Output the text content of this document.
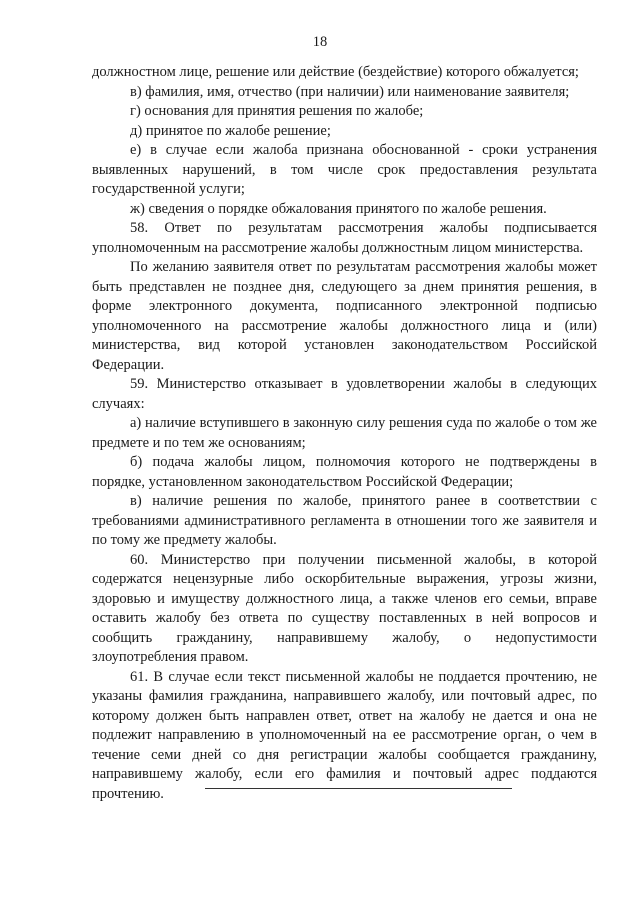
18

должностном лице, решение или действие (бездействие) которого обжалуется;

в) фамилия, имя, отчество (при наличии) или наименование заявителя;

г) основания для принятия решения по жалобе;

д) принятое по жалобе решение;

е) в случае если жалоба признана обоснованной - сроки устранения выявленных нарушений, в том числе срок предоставления результата государственной услуги;

ж) сведения о порядке обжалования принятого по жалобе решения.

58. Ответ по результатам рассмотрения жалобы подписывается уполномоченным на рассмотрение жалобы должностным лицом министерства.

По желанию заявителя ответ по результатам рассмотрения жалобы может быть представлен не позднее дня, следующего за днем принятия решения, в форме электронного документа, подписанного электронной подписью уполномоченного на рассмотрение жалобы должностного лица и (или) министерства, вид которой установлен законодательством Российской Федерации.

59. Министерство отказывает в удовлетворении жалобы в следующих случаях:

а) наличие вступившего в законную силу решения суда по жалобе о том же предмете и по тем же основаниям;

б) подача жалобы лицом, полномочия которого не подтверждены в порядке, установленном законодательством Российской Федерации;

в) наличие решения по жалобе, принятого ранее в соответствии с требованиями административного регламента в отношении того же заявителя и по тому же предмету жалобы.

60. Министерство при получении письменной жалобы, в которой содержатся нецензурные либо оскорбительные выражения, угрозы жизни, здоровью и имуществу должностного лица, а также членов его семьи, вправе оставить жалобу без ответа по существу поставленных в ней вопросов и сообщить гражданину, направившему жалобу, о недопустимости злоупотребления правом.

61. В случае если текст письменной жалобы не поддается прочтению, не указаны фамилия гражданина, направившего жалобу, или почтовый адрес, по которому должен быть направлен ответ, ответ на жалобу не дается и она не подлежит направлению в уполномоченный на ее рассмотрение орган, о чем в течение семи дней со дня регистрации жалобы сообщается гражданину, направившему жалобу, если его фамилия и почтовый адрес поддаются прочтению.
